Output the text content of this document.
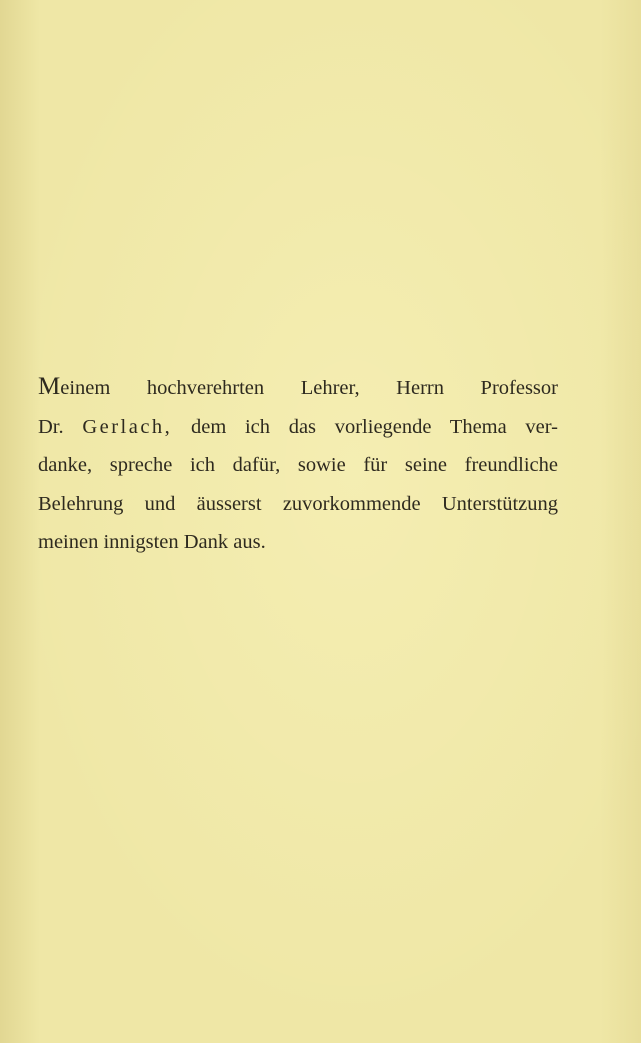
Meinem hochverehrten Lehrer, Herrn Professor
Dr. Gerlach, dem ich das vorliegende Thema ver-
danke, spreche ich dafür, sowie für seine freundliche
Belehrung und äusserst zuvorkommende Unterstützung
meinen innigsten Dank aus.
